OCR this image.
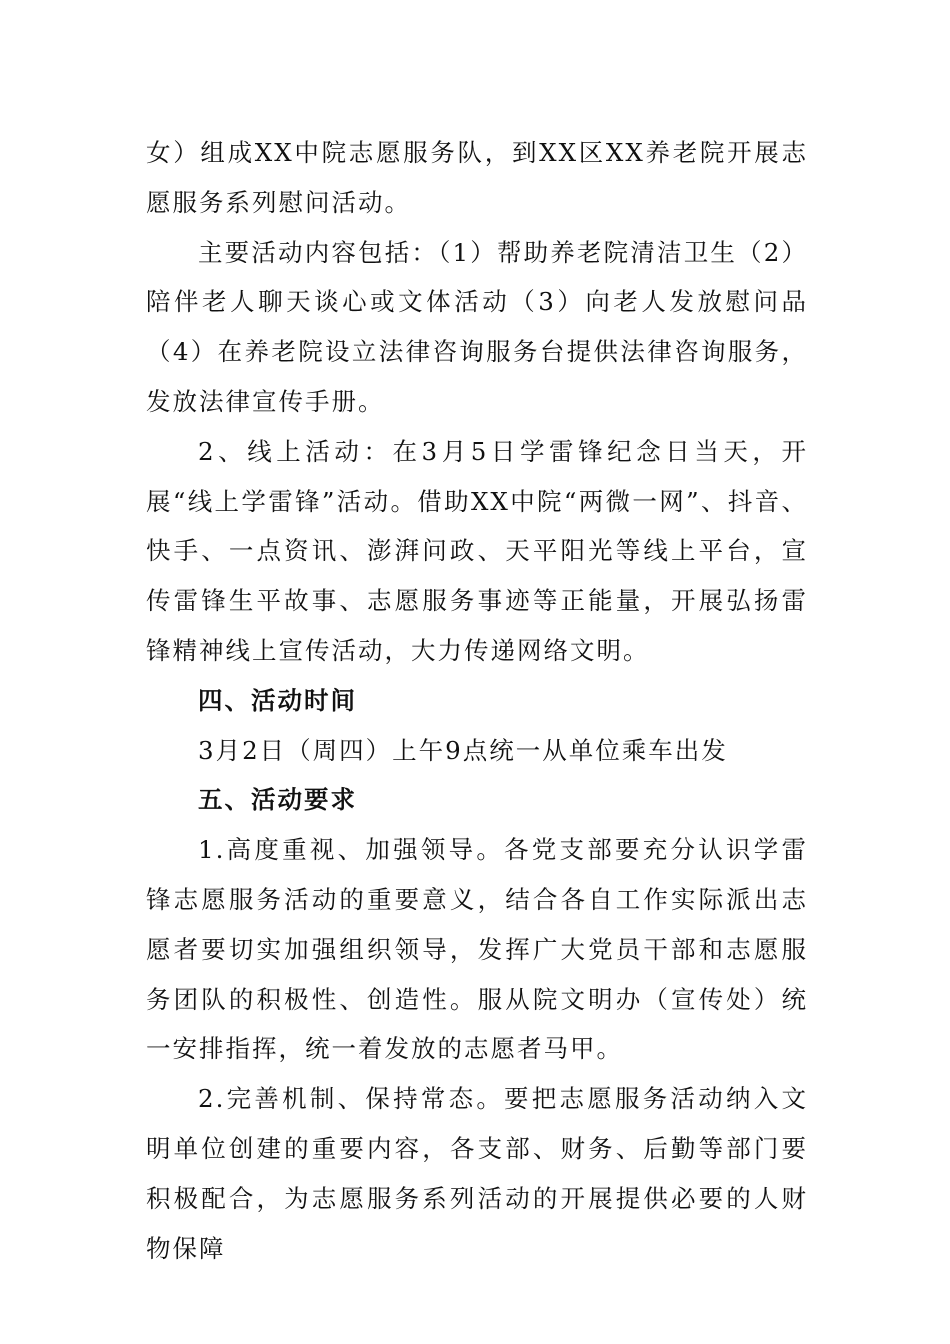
女）组成XX中院志愿服务队，到XX区XX养老院开展志愿服务系列慰问活动。

主要活动内容包括：（1）帮助养老院清洁卫生（2）陪伴老人聊天谈心或文体活动（3）向老人发放慰问品（4）在养老院设立法律咨询服务台提供法律咨询服务，发放法律宣传手册。

2、线上活动：在3月5日学雷锋纪念日当天，开展“线上学雷锋”活动。借助XX中院“两微一网”、抖音、快手、一点资讯、澎湃问政、天平阳光等线上平台，宣传雷锋生平故事、志愿服务事迹等正能量，开展弘扬雷锋精神线上宣传活动，大力传递网络文明。

四、活动时间

3月2日（周四）上午9点统一从单位乘车出发

五、活动要求

1.高度重视、加强领导。各党支部要充分认识学雷锋志愿服务活动的重要意义，结合各自工作实际派出志愿者要切实加强组织领导，发挥广大党员干部和志愿服务团队的积极性、创造性。服从院文明办（宣传处）统一安排指挥，统一着发放的志愿者马甲。

2.完善机制、保持常态。要把志愿服务活动纳入文明单位创建的重要内容，各支部、财务、后勤等部门要积极配合，为志愿服务系列活动的开展提供必要的人财物保障
